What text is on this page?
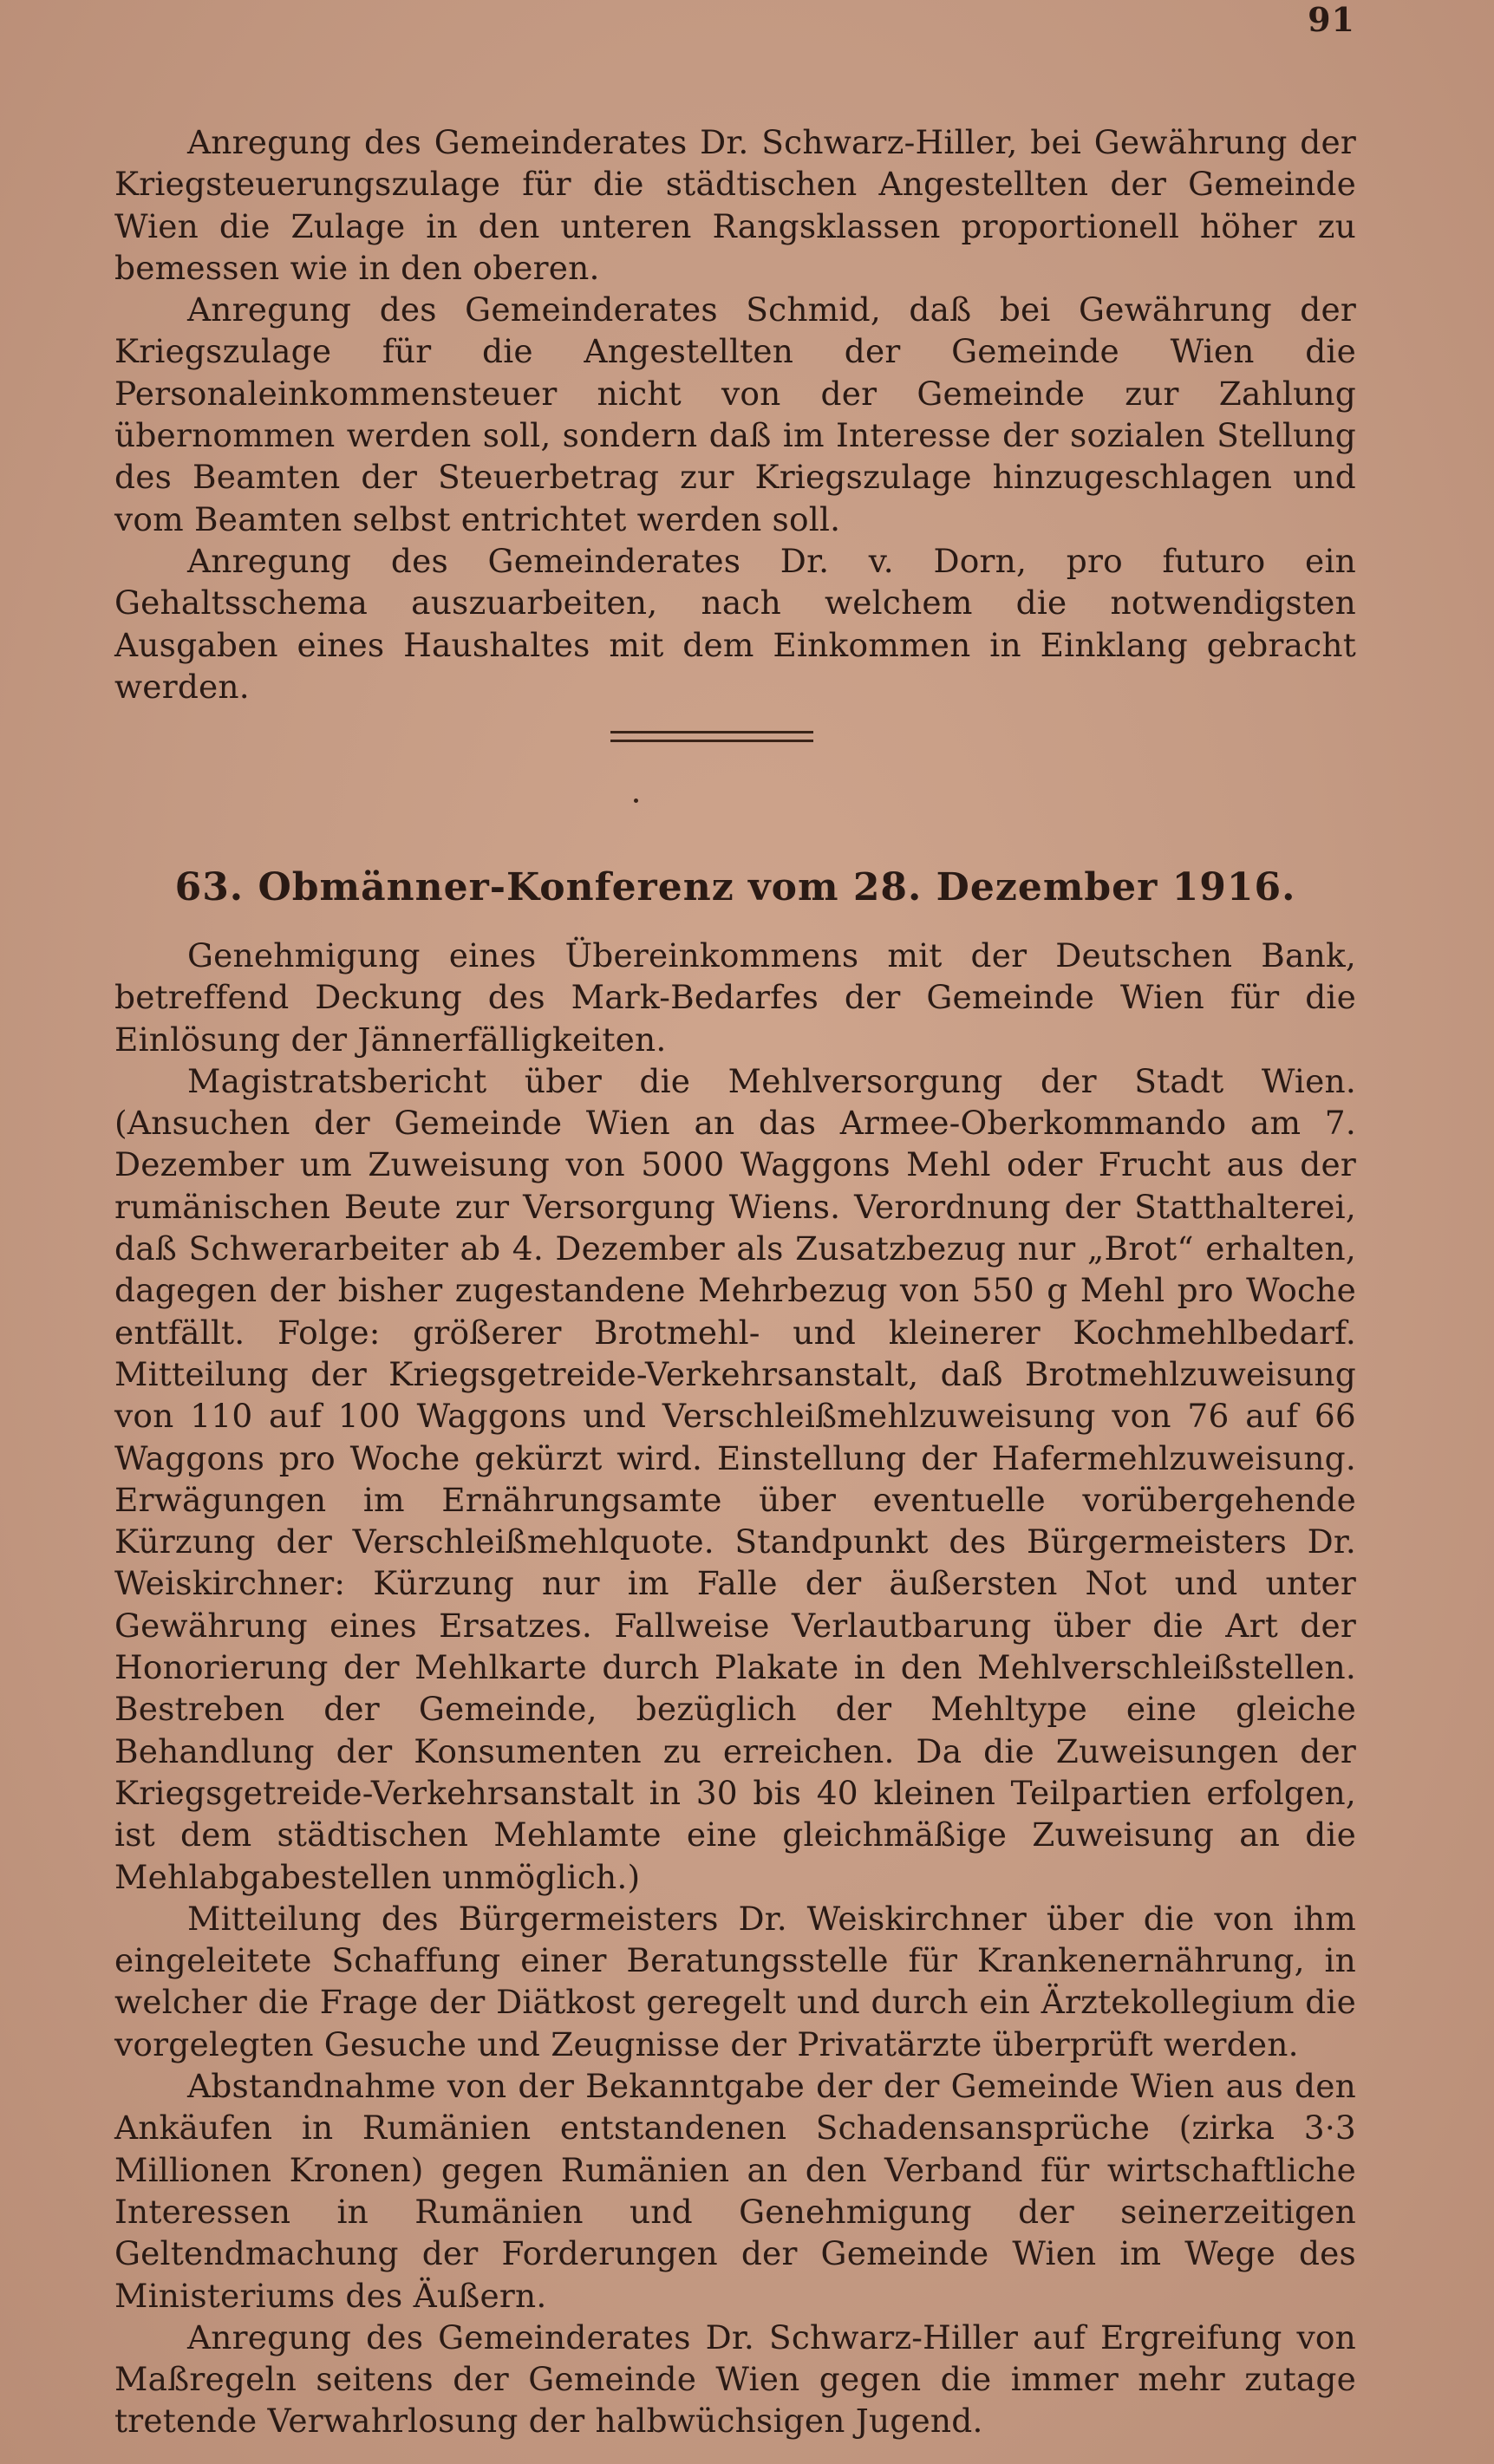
91

Anregung des Gemeinderates Dr. Schwarz-Hiller, bei Gewährung der Kriegsteuerungszulage für die städtischen Angestellten der Gemeinde Wien die Zulage in den unteren Rangsklassen proportionell höher zu bemessen wie in den oberen.

Anregung des Gemeinderates Schmid, daß bei Gewährung der Kriegszulage für die Angestellten der Gemeinde Wien die Personaleinkommensteuer nicht von der Gemeinde zur Zahlung übernommen werden soll, sondern daß im Interesse der sozialen Stellung des Beamten der Steuerbetrag zur Kriegszulage hinzugeschlagen und vom Beamten selbst entrichtet werden soll.

Anregung des Gemeinderates Dr. v. Dorn, pro futuro ein Gehaltsschema auszuarbeiten, nach welchem die notwendigsten Ausgaben eines Haushaltes mit dem Einkommen in Einklang gebracht werden.

63. Obmänner-Konferenz vom 28. Dezember 1916.

Genehmigung eines Übereinkommens mit der Deutschen Bank, betreffend Deckung des Mark-Bedarfes der Gemeinde Wien für die Einlösung der Jännerfälligkeiten.

Magistratsbericht über die Mehlversorgung der Stadt Wien. (Ansuchen der Gemeinde Wien an das Armee-Oberkommando am 7. Dezember um Zuweisung von 5000 Waggons Mehl oder Frucht aus der rumänischen Beute zur Versorgung Wiens. Verordnung der Statthalterei, daß Schwerarbeiter ab 4. Dezember als Zusatzbezug nur „Brot“ erhalten, dagegen der bisher zugestandene Mehrbezug von 550 g Mehl pro Woche entfällt. Folge: größerer Brotmehl- und kleinerer Kochmehlbedarf. Mitteilung der Kriegsgetreide-Verkehrsanstalt, daß Brotmehlzuweisung von 110 auf 100 Waggons und Verschleißmehlzuweisung von 76 auf 66 Waggons pro Woche gekürzt wird. Einstellung der Hafermehlzuweisung. Erwägungen im Ernährungsamte über eventuelle vorübergehende Kürzung der Verschleißmehlquote. Standpunkt des Bürgermeisters Dr. Weiskirchner: Kürzung nur im Falle der äußersten Not und unter Gewährung eines Ersatzes. Fallweise Verlautbarung über die Art der Honorierung der Mehlkarte durch Plakate in den Mehlverschleißstellen. Bestreben der Gemeinde, bezüglich der Mehltype eine gleiche Behandlung der Konsumenten zu erreichen. Da die Zuweisungen der Kriegsgetreide-Verkehrsanstalt in 30 bis 40 kleinen Teilpartien erfolgen, ist dem städtischen Mehlamte eine gleichmäßige Zuweisung an die Mehlabgabestellen unmöglich.)

Mitteilung des Bürgermeisters Dr. Weiskirchner über die von ihm eingeleitete Schaffung einer Beratungsstelle für Krankenernährung, in welcher die Frage der Diätkost geregelt und durch ein Ärztekollegium die vorgelegten Gesuche und Zeugnisse der Privatärzte überprüft werden.

Abstandnahme von der Bekanntgabe der der Gemeinde Wien aus den Ankäufen in Rumänien entstandenen Schadensansprüche (zirka 3·3 Millionen Kronen) gegen Rumänien an den Verband für wirtschaftliche Interessen in Rumänien und Genehmigung der seinerzeitigen Geltendmachung der Forderungen der Gemeinde Wien im Wege des Ministeriums des Äußern.

Anregung des Gemeinderates Dr. Schwarz-Hiller auf Ergreifung von Maßregeln seitens der Gemeinde Wien gegen die immer mehr zutage tretende Verwahrlosung der halbwüchsigen Jugend.
